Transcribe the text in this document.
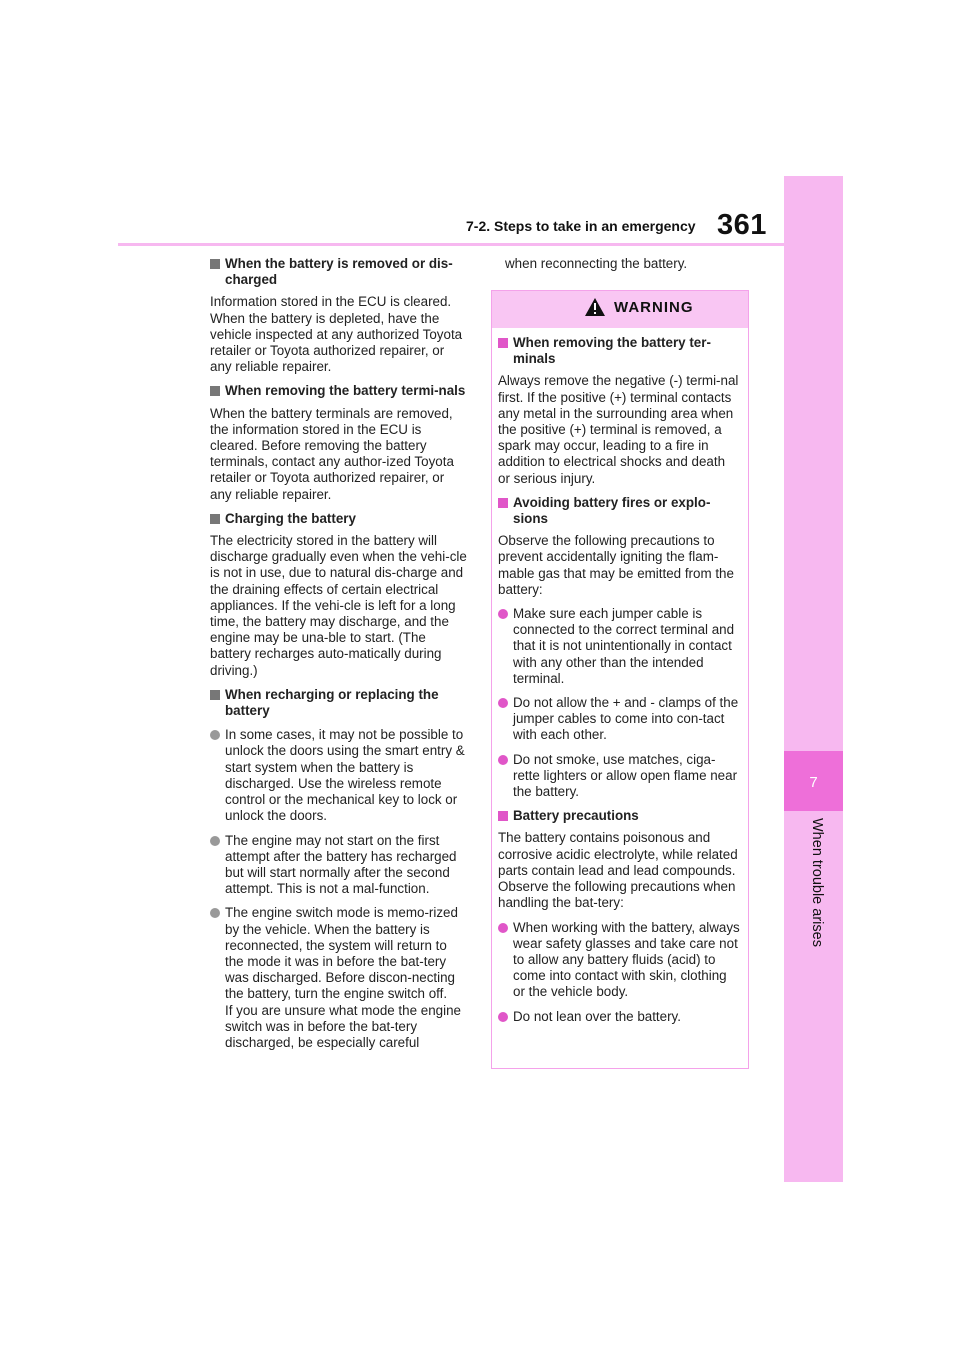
7-2. Steps to take in an emergency 361
7
When trouble arises
When the battery is removed or dis-charged

Information stored in the ECU is cleared. When the battery is depleted, have the vehicle inspected at any authorized Toyota retailer or Toyota authorized repairer, or any reliable repairer.

When removing the battery termi-nals

When the battery terminals are removed, the information stored in the ECU is cleared. Before removing the battery terminals, contact any author-ized Toyota retailer or Toyota authorized repairer, or any reliable repairer.

Charging the battery

The electricity stored in the battery will discharge gradually even when the vehi-cle is not in use, due to natural dis-charge and the draining effects of certain electrical appliances. If the vehi-cle is left for a long time, the battery may discharge, and the engine may be una-ble to start. (The battery recharges auto-matically during driving.)

When recharging or replacing the battery
In some cases, it may not be possible to unlock the doors using the smart entry & start system when the battery is discharged. Use the wireless remote control or the mechanical key to lock or unlock the doors.
The engine may not start on the first attempt after the battery has recharged but will start normally after the second attempt. This is not a mal-function.
The engine switch mode is memo-rized by the vehicle. When the battery is reconnected, the system will return to the mode it was in before the bat-tery was discharged. Before discon-necting the battery, turn the engine switch off.
If you are unsure what mode the engine switch was in before the bat-tery discharged, be especially careful

when reconnecting the battery.

WARNING
When removing the battery ter-minals

Always remove the negative (-) termi-nal first. If the positive (+) terminal contacts any metal in the surrounding area when the positive (+) terminal is removed, a spark may occur, leading to a fire in addition to electrical shocks and death or serious injury.

Avoiding battery fires or explo-sions

Observe the following precautions to prevent accidentally igniting the flam-mable gas that may be emitted from the battery:

Make sure each jumper cable is connected to the correct terminal and that it is not unintentionally in contact with any other than the intended terminal.
Do not allow the + and - clamps of the jumper cables to come into con-tact with each other.
Do not smoke, use matches, ciga-rette lighters or allow open flame near the battery.
Battery precautions

The battery contains poisonous and corrosive acidic electrolyte, while related parts contain lead and lead compounds. Observe the following precautions when handling the bat-tery:

When working with the battery, always wear safety glasses and take care not to allow any battery fluids (acid) to come into contact with skin, clothing or the vehicle body.
Do not lean over the battery.
